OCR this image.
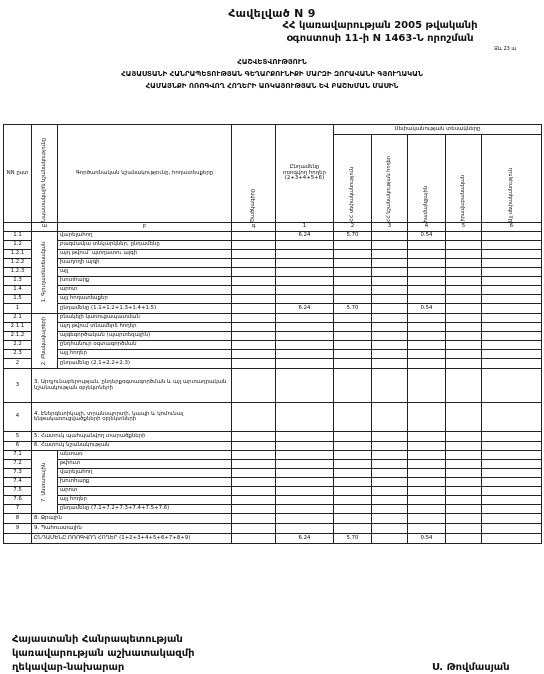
Հավելված N 9
ՀՀ կառավարության 2005 թվականի
օգոստոսի 11-ի N 1463-Ն որոշման
Ձև 23 ա
ՀԱՇՎԵՏՎՈՒԹՅՈՒՆ
ՀԱՅԱՍՏԱՆԻ ՀԱՆՐԱՊԵՏՈՒԹՅԱՆ ԳԵՂԱՐՔՈՒՆԻՔԻ ՄԱՐԶԻ ԶՈՐԱՎԱՆԻ ԳՅՈՒՂԱԿԱՆ
ՀԱՄԱՅՆՔԻ ՈՌՈԳՎՈՂ ՀՈՂԵՐԻ ԱՌԿԱՅՈՒԹՅԱՆ ԵՎ ԲԱՇԽՄԱՆ ՄԱՍԻՆ
NN ըստ	Նպատակային նշանակությունը	Գործառնական նշանակությունը, հողատեսքերը	Ծածկագիրը	Ընդամենը ոռոգվող հողեր (2+3+4+5+6)	Սեփականության տեսակները				

					ՀՀ սեփականություն	ՀՀ նշանակության հողեր	համայնքային	իրավաբանական	Այլ սեփականություն

	ա	բ	գ	1	2	3	4	5	6
1.1	1. Գյուղատնտեսական	վարելահող		6.24	5.70		0.54		
1.2		բազմամյա տնկարկներ, ընդամենը							
1.2.1		այդ թվում՝ պտղատու այգի							
1.2.2		խաղողի այգի							
1.2.3		այլ							
1.3		խոտհարք							
1.4		արոտ							
1.5		այլ հողատեսքեր							
1		ընդամենը (1.1+1.2+1.3+1.4+1.5)		6.24	5.70		0.54		
2.1	2. Բնակավայրերի	բնակելի կառուցապատման							
2.1.1		այդ թվում տնամերձ հողեր							
2.1.2		այգեգործական (պարտեզային)							
2.2		ընդհանուր օգտագործման							
2.3		այլ հողեր							
2		ընդամենը (2.1+2.2+2.3)							
3	3. Արդյունաբերության, ընդերքօգտագործման և այլ արտադրական նշանակության օբյեկտների								
4	4. Էներգետիկայի, տրանսպորտի, կապի և կոմունալ ենթակառուցվածքների օբյեկտների								
5	5. Հատուկ պահպանվող տարածքների								
6	6. Հատուկ նշանակության								
7.1	7. Անտառային	անտառ							
7.2		թփուտ							
7.3		վարելահող							
7.4		խոտհարք							
7.5		արոտ							
7.6		այլ հողեր							
7		ընդամենը (7.1+7.2+7.3+7.4+7.5+7.6)							
8	8. Ջրային								
9	9. Պահուստային								
	ԸՆԴԱՄԵՆԸ ՈՌՈԳՎՈՂ ՀՈՂԵՐ (1+2+3+4+5+6+7+8+9)			6.24	5.70		0.54		
Հայաստանի Հանրապետության
կառավարության աշխատակազմի
ղեկավար-նախարար	Ս. Թովմասյան
